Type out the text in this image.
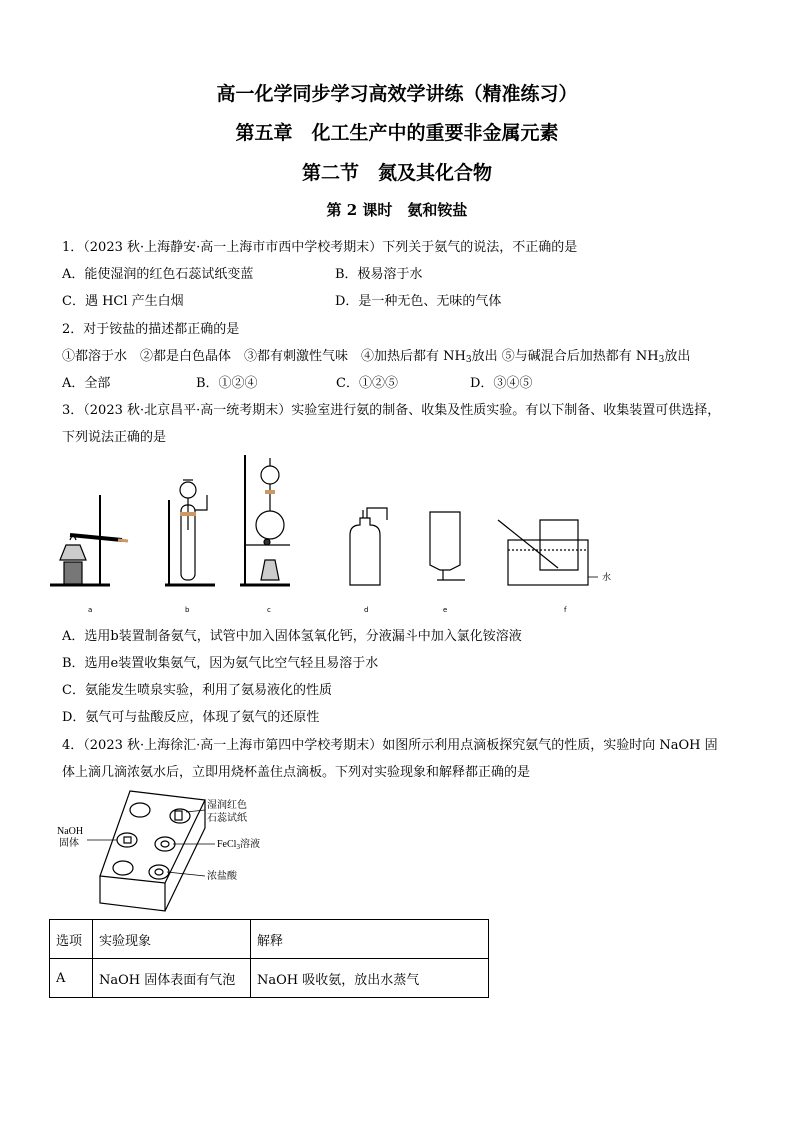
高一化学同步学习高效学讲练（精准练习）
第五章　化工生产中的重要非金属元素
第二节　氮及其化合物
第 2 课时　氨和铵盐
1．（2023 秋·上海静安·高一上海市市西中学校考期末）下列关于氨气的说法，不正确的是
A．能使湿润的红色石蕊试纸变蓝	B．极易溶于水
C．遇 HCl 产生白烟	D．是一种无色、无味的气体
2．对于铵盐的描述都正确的是
①都溶于水　②都是白色晶体　③都有刺激性气味　④加热后都有 $NH_3$放出 ⑤与碱混合后加热都有 $NH_3$放出
A．全部	B．①②④	C．①②⑤	D．③④⑤
3．（2023 秋·北京昌平·高一统考期末）实验室进行氨的制备、收集及性质实验。有以下制备、收集装置可供选择，
下列说法正确的是
a	b	c	d	e	f
水
A．选用b装置制备氨气，试管中加入固体氢氧化钙，分液漏斗中加入氯化铵溶液
B．选用e装置收集氨气，因为氨气比空气轻且易溶于水
C．氨能发生喷泉实验，利用了氨易液化的性质
D．氨气可与盐酸反应，体现了氨气的还原性
4．（2023 秋·上海徐汇·高一上海市第四中学校考期末）如图所示利用点滴板探究氨气的性质，实验时向 NaOH 固
体上滴几滴浓氨水后，立即用烧杯盖住点滴板。下列对实验现象和解释都正确的是
NaOH
固体
湿润红色
石蕊试纸
FeCl$_3$溶液
浓盐酸
选项	实验现象	解释
A	NaOH 固体表面有气泡	NaOH 吸收氨，放出水蒸气
